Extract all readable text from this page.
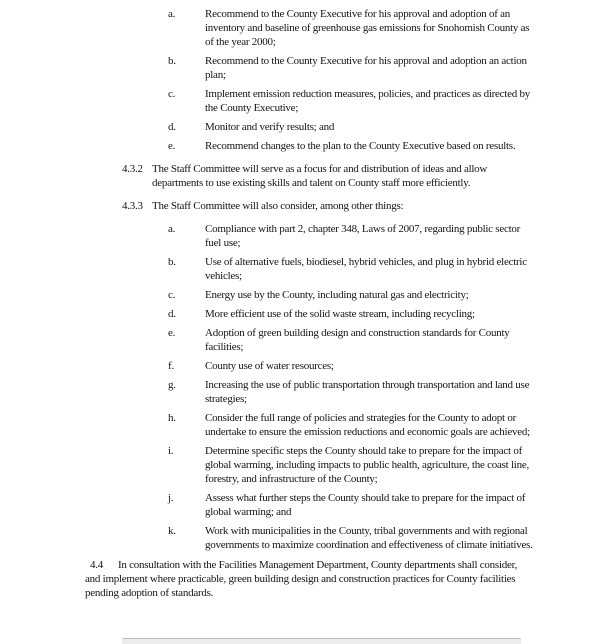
a.	Recommend to the County Executive for his approval and adoption of an inventory and baseline of greenhouse gas emissions for Snohomish County as of the year 2000;
b.	Recommend to the County Executive for his approval and adoption an action plan;
c.	Implement emission reduction measures, policies, and practices as directed by the County Executive;
d.	Monitor and verify results; and
e.	Recommend changes to the plan to the County Executive based on results.
4.3.2 The Staff Committee will serve as a focus for and distribution of ideas and allow departments to use existing skills and talent on County staff more efficiently.
4.3.3 The Staff Committee will also consider, among other things:
a.	Compliance with part 2, chapter 348, Laws of 2007, regarding public sector fuel use;
b.	Use of alternative fuels, biodiesel, hybrid vehicles, and plug in hybrid electric vehicles;
c.	Energy use by the County, including natural gas and electricity;
d.	More efficient use of the solid waste stream, including recycling;
e.	Adoption of green building design and construction standards for County facilities;
f.	County use of water resources;
g.	Increasing the use of public transportation through transportation and land use strategies;
h.	Consider the full range of policies and strategies for the County to adopt or undertake to ensure the emission reductions and economic goals are achieved;
i.	Determine specific steps the County should take to prepare for the impact of global warming, including impacts to public health, agriculture, the coast line, forestry, and infrastructure of the County;
j.	Assess what further steps the County should take to prepare for the impact of global warming; and
k.	Work with municipalities in the County, tribal governments and with regional governments to maximize coordination and effectiveness of climate initiatives.

4.4 In consultation with the Facilities Management Department, County departments shall consider, and implement where practicable, green building design and construction practices for County facilities pending adoption of standards.
